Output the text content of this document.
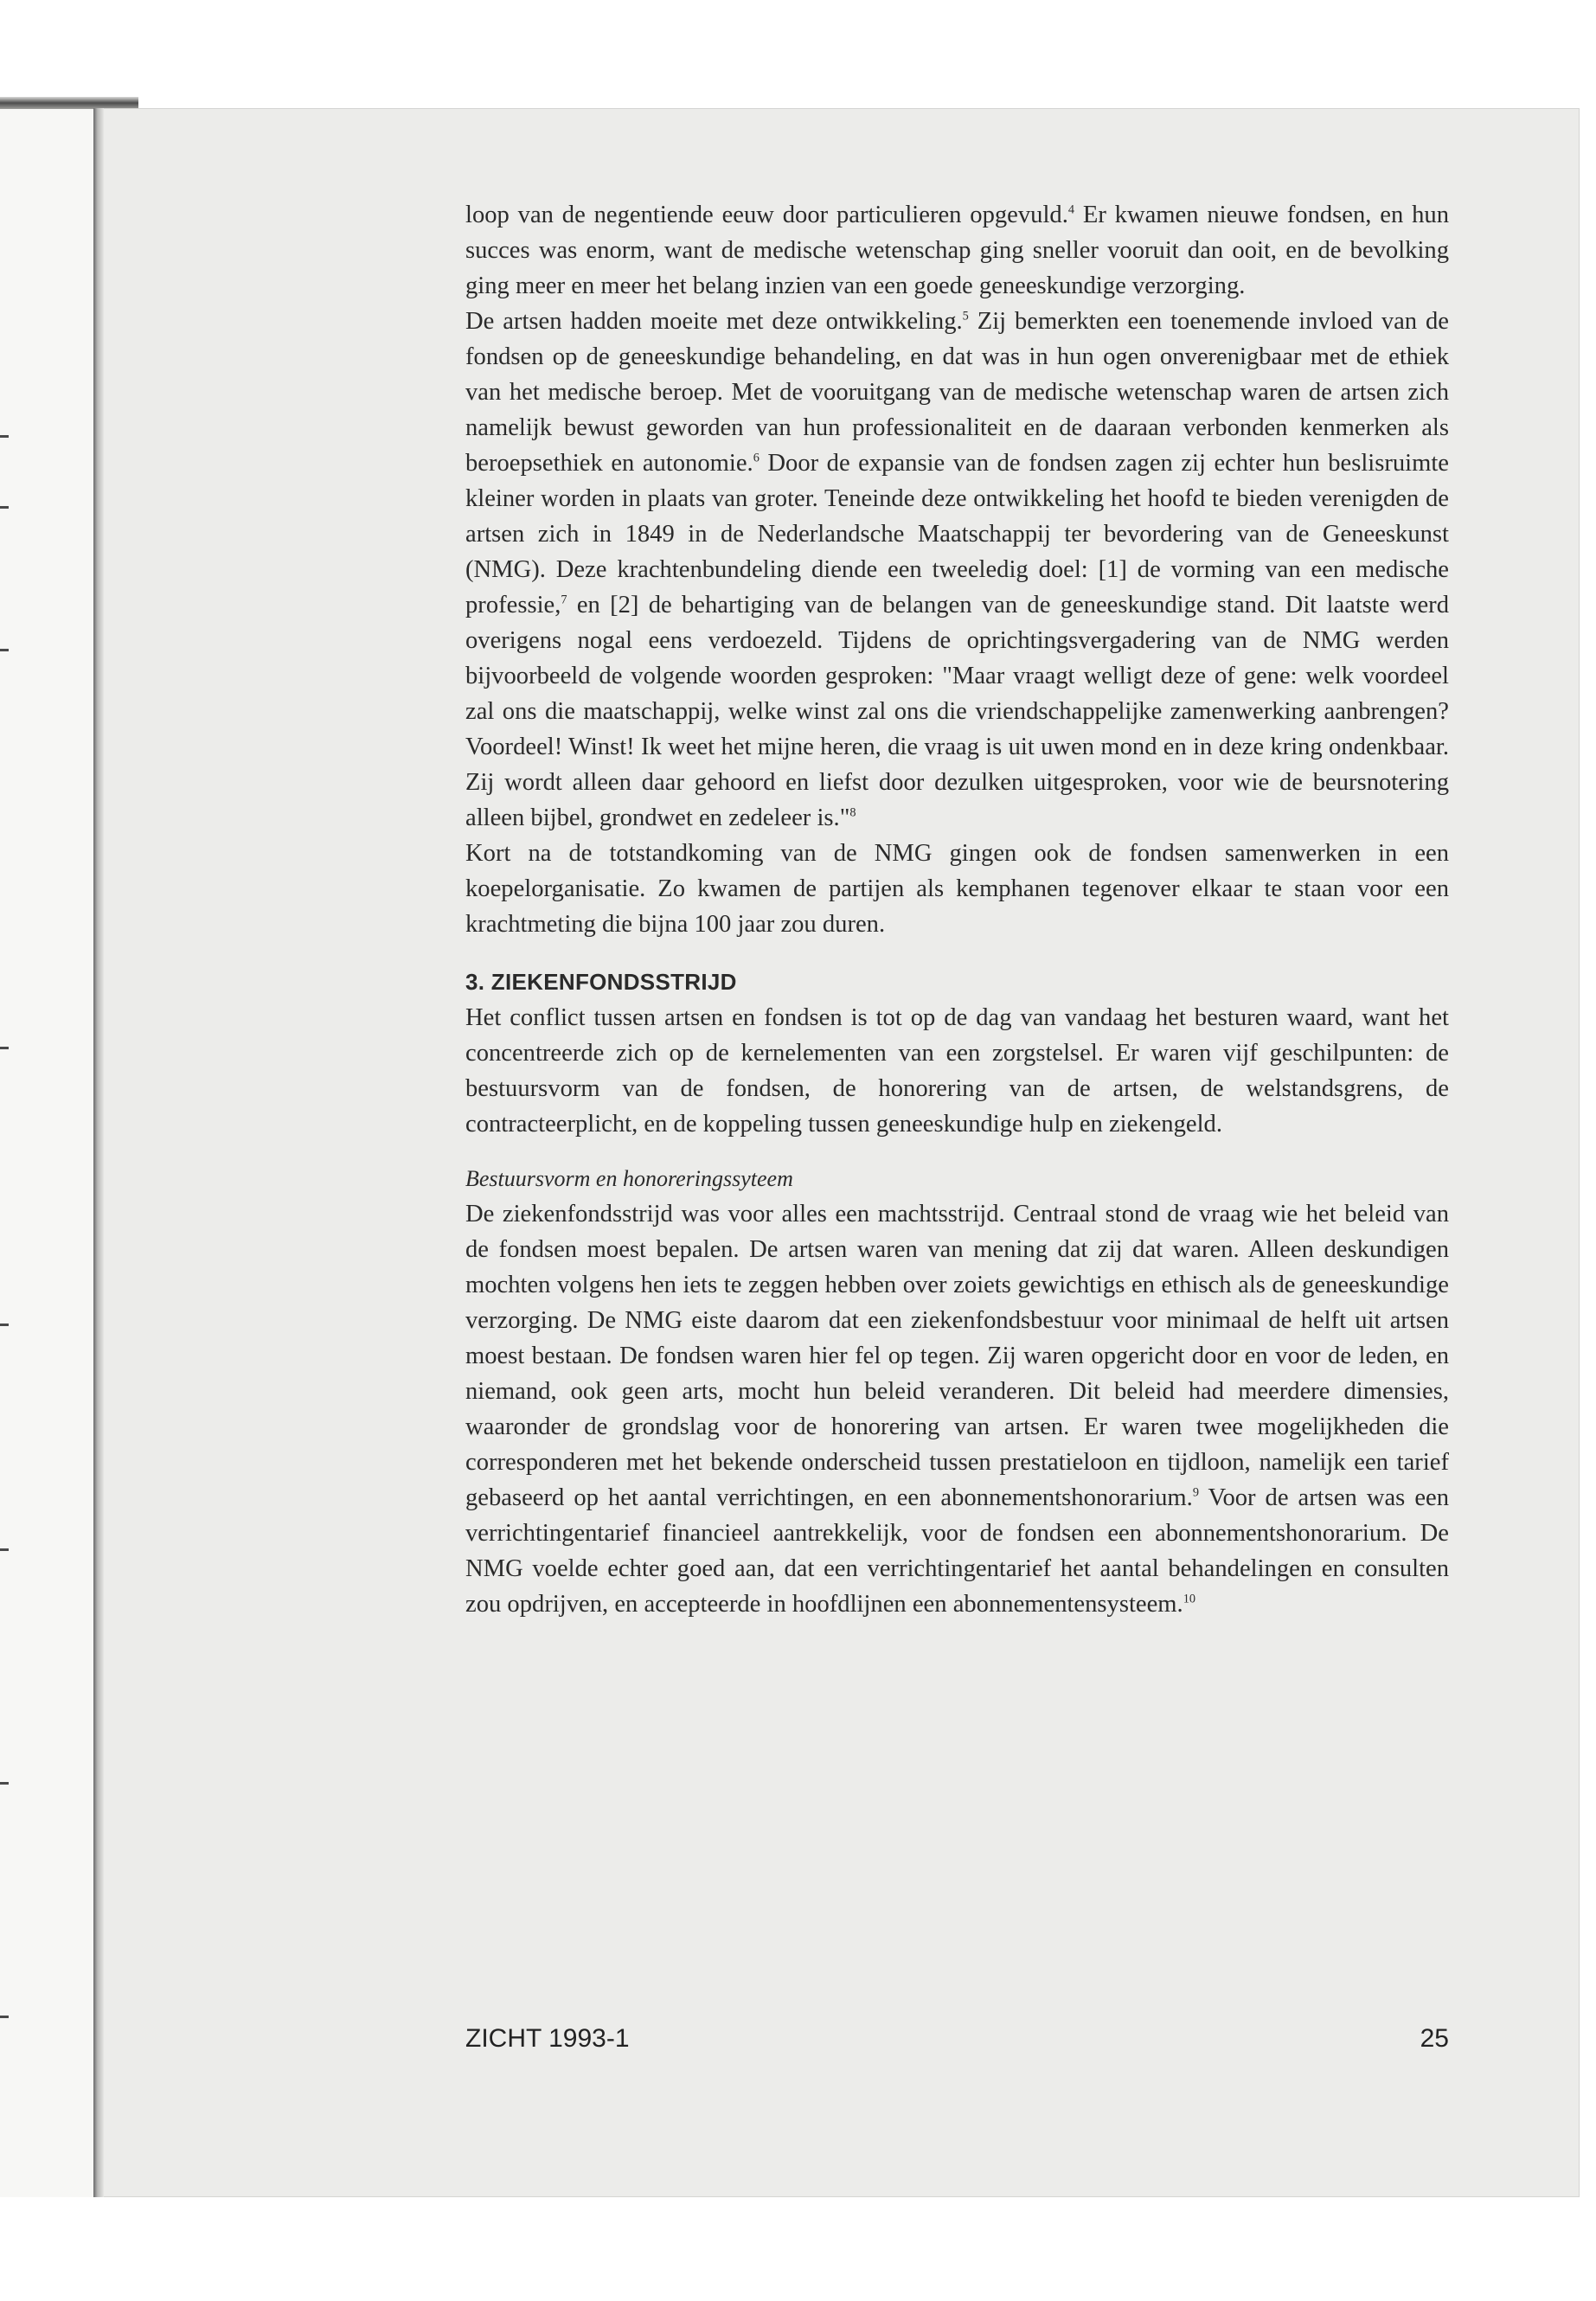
loop van de negentiende eeuw door particulieren opgevuld.$^4$ Er kwamen nieuwe fondsen, en hun succes was enorm, want de medische wetenschap ging sneller vooruit dan ooit, en de bevolking ging meer en meer het belang inzien van een goede geneeskundige verzorging.

De artsen hadden moeite met deze ontwikkeling.$^5$ Zij bemerkten een toenemende invloed van de fondsen op de geneeskundige behandeling, en dat was in hun ogen onverenigbaar met de ethiek van het medische beroep. Met de vooruitgang van de medische wetenschap waren de artsen zich namelijk bewust geworden van hun professionaliteit en de daaraan verbonden kenmerken als beroepsethiek en autonomie.$^6$ Door de expansie van de fondsen zagen zij echter hun beslisruimte kleiner worden in plaats van groter. Teneinde deze ontwikkeling het hoofd te bieden verenigden de artsen zich in 1849 in de Nederlandsche Maatschappij ter bevordering van de Geneeskunst (NMG). Deze krachtenbundeling diende een tweeledig doel: [1] de vorming van een medische professie,$^7$ en [2] de behartiging van de belangen van de geneeskundige stand. Dit laatste werd overigens nogal eens verdoezeld. Tijdens de oprichtingsvergadering van de NMG werden bijvoorbeeld de volgende woorden gesproken: "Maar vraagt welligt deze of gene: welk voordeel zal ons die maatschappij, welke winst zal ons die vriendschappelijke zamenwerking aanbrengen? Voordeel! Winst! Ik weet het mijne heren, die vraag is uit uwen mond en in deze kring ondenkbaar. Zij wordt alleen daar gehoord en liefst door dezulken uitgesproken, voor wie de beursnotering alleen bijbel, grondwet en zedeleer is."$^8$

Kort na de totstandkoming van de NMG gingen ook de fondsen samenwerken in een koepelorganisatie. Zo kwamen de partijen als kemphanen tegenover elkaar te staan voor een krachtmeting die bijna 100 jaar zou duren.

3. ZIEKENFONDSSTRIJD

Het conflict tussen artsen en fondsen is tot op de dag van vandaag het besturen waard, want het concentreerde zich op de kernelementen van een zorgstelsel. Er waren vijf geschilpunten: de bestuursvorm van de fondsen, de honorering van de artsen, de welstandsgrens, de contracteerplicht, en de koppeling tussen geneeskundige hulp en ziekengeld.

Bestuursvorm en honoreringssyteem

De ziekenfondsstrijd was voor alles een machtsstrijd. Centraal stond de vraag wie het beleid van de fondsen moest bepalen. De artsen waren van mening dat zij dat waren. Alleen deskundigen mochten volgens hen iets te zeggen hebben over zoiets gewichtigs en ethisch als de geneeskundige verzorging. De NMG eiste daarom dat een ziekenfondsbestuur voor minimaal de helft uit artsen moest bestaan. De fondsen waren hier fel op tegen. Zij waren opgericht door en voor de leden, en niemand, ook geen arts, mocht hun beleid veranderen. Dit beleid had meerdere dimensies, waaronder de grondslag voor de honorering van artsen. Er waren twee mogelijkheden die corresponderen met het bekende onderscheid tussen prestatieloon en tijdloon, namelijk een tarief gebaseerd op het aantal verrichtingen, en een abonnementshonorarium.$^9$ Voor de artsen was een verrichtingentarief financieel aantrekkelijk, voor de fondsen een abonnementshonorarium. De NMG voelde echter goed aan, dat een verrichtingentarief het aantal behandelingen en consulten zou opdrijven, en accepteerde in hoofdlijnen een abonnementensysteem.$^{10}$

ZICHT 1993-1	25
